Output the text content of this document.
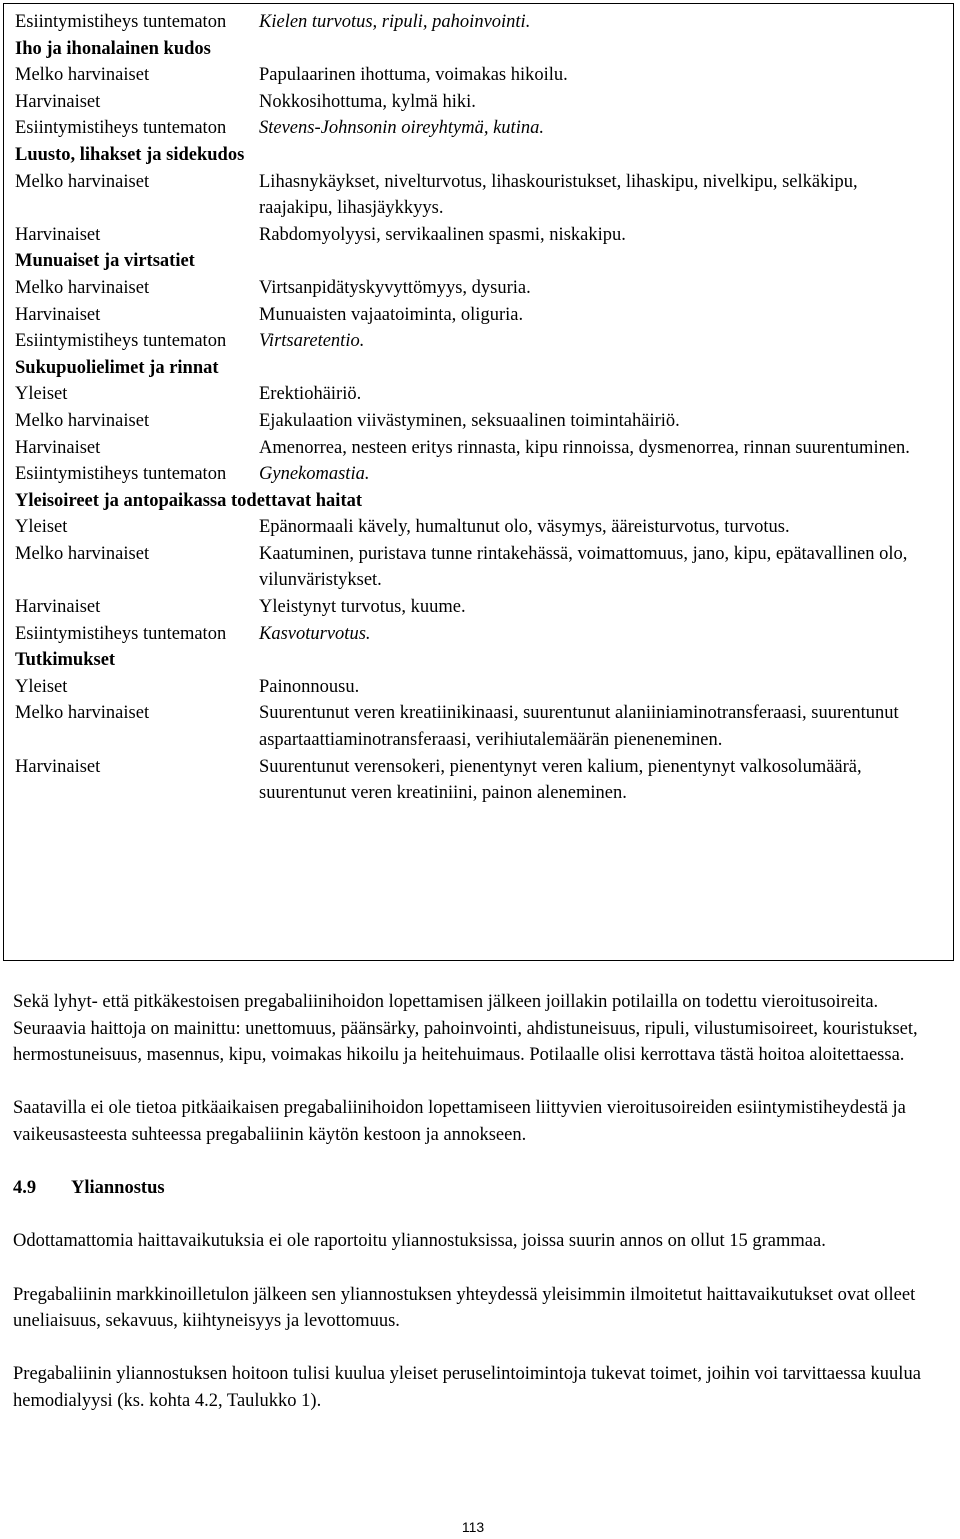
Esiintymistiheys tuntematon	Kielen turvotus, ripuli, pahoinvointi.
Iho ja ihonalainen kudos
Melko harvinaiset	Papulaarinen ihottuma, voimakas hikoilu.
Harvinaiset	Nokkosihottuma, kylmä hiki.
Esiintymistiheys tuntematon	Stevens-Johnsonin oireyhtymä, kutina.
Luusto, lihakset ja sidekudos
Melko harvinaiset	Lihasnykäykset, nivelturvotus, lihaskouristukset, lihaskipu, nivelkipu, selkäkipu, raajakipu, lihasjäykkyys.
Harvinaiset	Rabdomyolyysi, servikaalinen spasmi, niskakipu.
Munuaiset ja virtsatiet
Melko harvinaiset	Virtsanpidätyskyvyttömyys, dysuria.
Harvinaiset	Munuaisten vajaatoiminta, oliguria.
Esiintymistiheys tuntematon	Virtsaretentio.
Sukupuolielimet ja rinnat
Yleiset	Erektiohäiriö.
Melko harvinaiset	Ejakulaation viivästyminen, seksuaalinen toimintahäiriö.
Harvinaiset	Amenorrea, nesteen eritys rinnasta, kipu rinnoissa, dysmenorrea, rinnan suurentuminen.
Esiintymistiheys tuntematon	Gynekomastia.
Yleisoireet ja antopaikassa todettavat haitat
Yleiset	Epänormaali kävely, humaltunut olo, väsymys, ääreisturvotus, turvotus.
Melko harvinaiset	Kaatuminen, puristava tunne rintakehässä, voimattomuus, jano, kipu, epätavallinen olo, vilunväristykset.
Harvinaiset	Yleistynyt turvotus, kuume.
Esiintymistiheys tuntematon	Kasvoturvotus.
Tutkimukset
Yleiset	Painonnousu.
Melko harvinaiset	Suurentunut veren kreatiinikinaasi, suurentunut alaniiniaminotransferaasi, suurentunut aspartaattiaminotransferaasi, verihiutalemäärän pieneneminen.
Harvinaiset	Suurentunut verensokeri, pienentynyt veren kalium, pienentynyt valkosolumäärä, suurentunut veren kreatiniini, painon aleneminen.

Sekä lyhyt- että pitkäkestoisen pregabaliinihoidon lopettamisen jälkeen joillakin potilailla on todettu vieroitusoireita. Seuraavia haittoja on mainittu: unettomuus, päänsärky, pahoinvointi, ahdistuneisuus, ripuli, vilustumisoireet, kouristukset, hermostuneisuus, masennus, kipu, voimakas hikoilu ja heitehuimaus. Potilaalle olisi kerrottava tästä hoitoa aloitettaessa.

Saatavilla ei ole tietoa pitkäaikaisen pregabaliinihoidon lopettamiseen liittyvien vieroitusoireiden esiintymistiheydestä ja vaikeusasteesta suhteessa pregabaliinin käytön kestoon ja annokseen.

4.9 Yliannostus

Odottamattomia haittavaikutuksia ei ole raportoitu yliannostuksissa, joissa suurin annos on ollut 15 grammaa.

Pregabaliinin markkinoilletulon jälkeen sen yliannostuksen yhteydessä yleisimmin ilmoitetut haittavaikutukset ovat olleet uneliaisuus, sekavuus, kiihtyneisyys ja levottomuus.

Pregabaliinin yliannostuksen hoitoon tulisi kuulua yleiset peruselintoimintoja tukevat toimet, joihin voi tarvittaessa kuulua hemodialyysi (ks. kohta 4.2, Taulukko 1).

113
